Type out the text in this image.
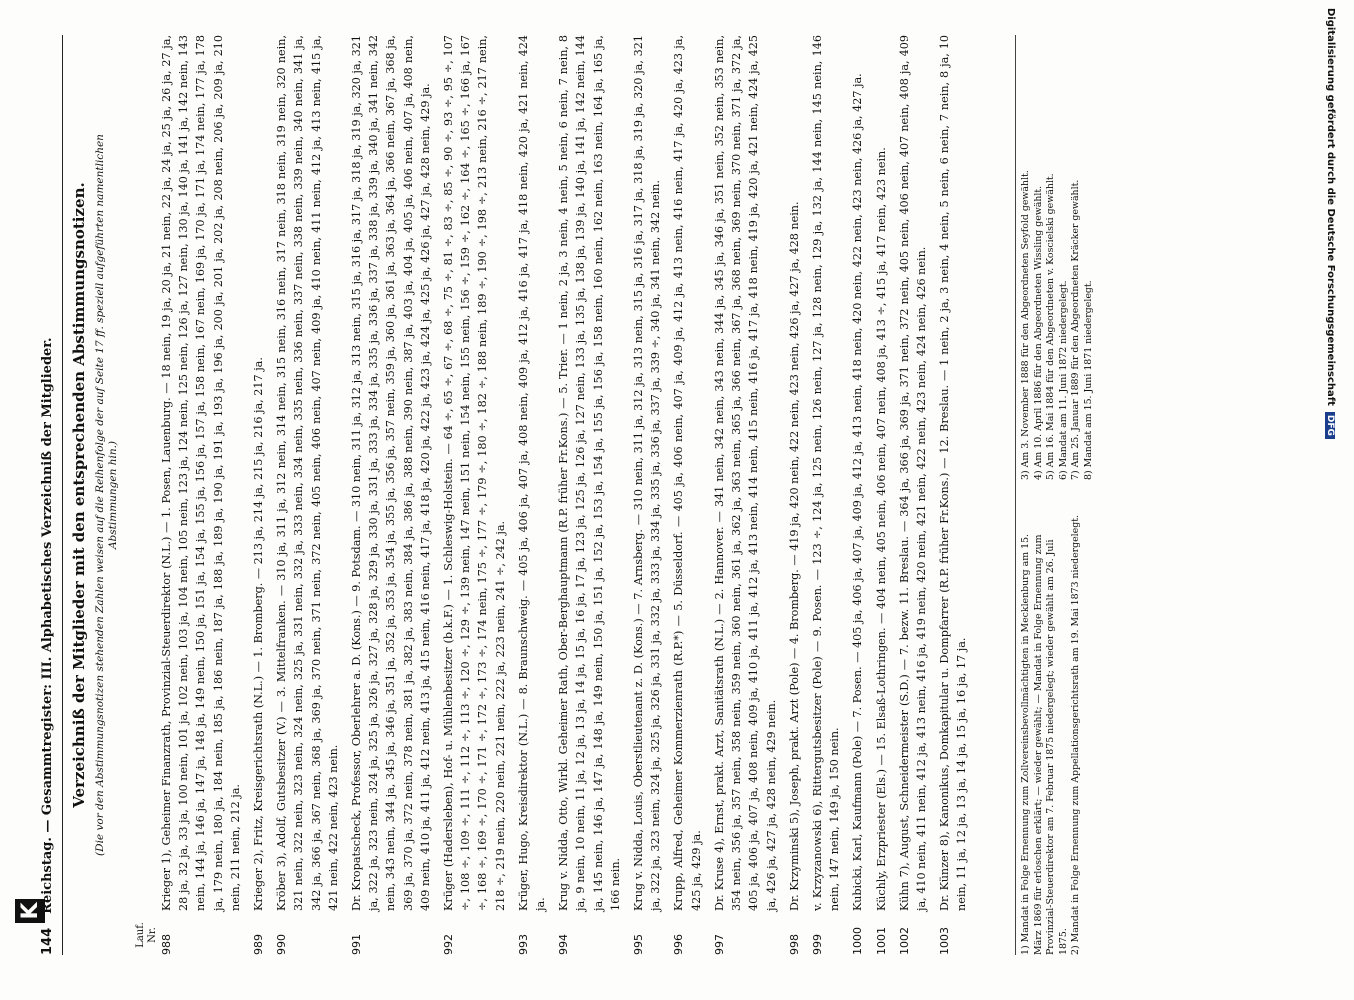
K
144
Reichstag. — Gesammtregister: III. Alphabetisches Verzeichniß der Mitglieder. Verzeichniß der Mitglieder mit den entsprechenden Abstimmungsnotizen. (Die vor den Abstimmungsnotizen stehenden Zahlen weisen auf die Reihenfolge der auf Seite 17 ff. speziell aufgeführten namentlichen Abstimmungen hin.)
Lauf. Nr. 988
Krieger 1), Geheimer Finanzrath, Provinzial-Steuerdirektor (N.L.) — 1. Posen, Lauenburg. — 18 nein, 19 ja, 20 ja, 21 nein, 22 ja, 24 ja, 25 ja, 26 ja, 27 ja, 28 ja, 32 ja, 33 ja, 100 nein, 101 ja, 102 nein, 103 ja, 104 nein, 105 nein, 123 ja, 124 nein, 125 nein, 126 ja, 127 nein, 130 ja, 140 ja, 141 ja, 142 nein, 143 nein, 144 ja, 146 ja, 147 ja, 148 ja, 149 nein, 150 ja, 151 ja, 154 ja, 155 ja, 156 ja, 157 ja, 158 nein, 167 nein, 169 ja, 170 ja, 171 ja, 174 nein, 177 ja, 178 ja, 179 nein, 180 ja, 184 nein, 185 ja, 186 nein, 187 ja, 188 ja, 189 ja, 190 ja, 191 ja, 193 ja, 196 ja, 200 ja, 201 ja, 202 ja, 208 nein, 206 ja, 209 ja, 210 nein, 211 nein, 212 ja.
989
Krieger 2), Fritz, Kreisgerichtsrath (N.L.) — 1. Bromberg. — 213 ja, 214 ja, 215 ja, 216 ja, 217 ja.
990
Kröber 3), Adolf, Gutsbesitzer (V.) — 3. Mittelfranken. — 310 ja, 311 ja, 312 nein, 314 nein, 315 nein, 316 nein, 317 nein, 318 nein, 319 nein, 320 nein, 321 nein, 322 nein, 323 nein, 324 nein, 325 ja, 331 nein, 332 ja, 333 nein, 334 nein, 335 nein, 336 nein, 337 nein, 338 nein, 339 nein, 340 nein, 341 ja, 342 ja, 366 ja, 367 nein, 368 ja, 369 ja, 370 nein, 371 nein, 372 nein, 405 nein, 406 nein, 407 nein, 409 ja, 410 nein, 411 nein, 412 ja, 413 nein, 415 ja, 421 nein, 422 nein, 423 nein.
991
Dr. Kropatscheck, Professor, Oberlehrer a. D. (Kons.) — 9. Potsdam. — 310 nein, 311 ja, 312 ja, 313 nein, 315 ja, 316 ja, 317 ja, 318 ja, 319 ja, 320 ja, 321 ja, 322 ja, 323 nein, 324 ja, 325 ja, 326 ja, 327 ja, 328 ja, 329 ja, 330 ja, 331 ja, 333 ja, 334 ja, 335 ja, 336 ja, 337 ja, 338 ja, 339 ja, 340 ja, 341 nein, 342 nein, 343 nein, 344 ja, 345 ja, 346 ja, 351 ja, 352 ja, 353 ja, 354 ja, 355 ja, 356 ja, 357 nein, 359 ja, 360 ja, 361 ja, 363 ja, 364 ja, 366 nein, 367 ja, 368 ja, 369 ja, 370 ja, 372 nein, 378 nein, 381 ja, 382 ja, 383 nein, 384 ja, 386 ja, 388 nein, 390 nein, 387 ja, 403 ja, 404 ja, 405 ja, 406 nein, 407 ja, 408 nein, 409 nein, 410 ja, 411 ja, 412 nein, 413 ja, 415 nein, 416 nein, 417 ja, 418 ja, 420 ja, 422 ja, 423 ja, 424 ja, 425 ja, 426 ja, 427 ja, 428 nein, 429 ja.
992
Krüger (Hadersleben), Hof- u. Mühlenbesitzer (b.k.F.) — 1. Schleswig-Holstein. — 64 ÷, 65 ÷, 67 ÷, 68 ÷, 75 ÷, 81 ÷, 83 ÷, 85 ÷, 90 ÷, 93 ÷, 95 ÷, 107 ÷, 108 ÷, 109 ÷, 111 ÷, 112 ÷, 113 ÷, 120 ÷, 129 ÷, 139 nein, 147 nein, 151 nein, 154 nein, 155 nein, 156 ÷, 159 ÷, 162 ÷, 164 ÷, 165 ÷, 166 ja, 167 ÷, 168 ÷, 169 ÷, 170 ÷, 171 ÷, 172 ÷, 173 ÷, 174 nein, 175 ÷, 177 ÷, 179 ÷, 180 ÷, 182 ÷, 188 nein, 189 ÷, 190 ÷, 198 ÷, 213 nein, 216 ÷, 217 nein, 218 ÷, 219 nein, 220 nein, 221 nein, 222 ja, 223 nein, 241 ÷, 242 ja.
993
Krüger, Hugo, Kreisdirektor (N.L.) — 8. Braunschweig. — 405 ja, 406 ja, 407 ja, 408 nein, 409 ja, 412 ja, 416 ja, 417 ja, 418 nein, 420 ja, 421 nein, 424 ja.
994
Krug v. Nidda, Otto, Wirkl. Geheimer Rath, Ober-Berghauptmann (R.P. früher Fr.Kons.) — 5. Trier. — 1 nein, 2 ja, 3 nein, 4 nein, 5 nein, 6 nein, 7 nein, 8 ja, 9 nein, 10 nein, 11 ja, 12 ja, 13 ja, 14 ja, 15 ja, 16 ja, 17 ja, 123 ja, 125 ja, 126 ja, 127 nein, 133 ja, 135 ja, 138 ja, 139 ja, 140 ja, 141 ja, 142 nein, 144 ja, 145 nein, 146 ja, 147 ja, 148 ja, 149 nein, 150 ja, 151 ja, 152 ja, 153 ja, 154 ja, 155 ja, 156 ja, 158 nein, 160 nein, 162 nein, 163 nein, 164 ja, 165 ja, 166 nein.
995
Krug v. Nidda, Louis, Oberstlieutenant z. D. (Kons.) — 7. Arnsberg. — 310 nein, 311 ja, 312 ja, 313 nein, 315 ja, 316 ja, 317 ja, 318 ja, 319 ja, 320 ja, 321 ja, 322 ja, 323 nein, 324 ja, 325 ja, 326 ja, 331 ja, 332 ja, 333 ja, 334 ja, 335 ja, 336 ja, 337 ja, 339 ÷, 340 ja, 341 nein, 342 nein.
996
Krupp, Alfred, Geheimer Kommerzienrath (R.P.*) — 5. Düsseldorf. — 405 ja, 406 nein, 407 ja, 409 ja, 412 ja, 413 nein, 416 nein, 417 ja, 420 ja, 423 ja, 425 ja, 429 ja.
997
Dr. Kruse 4), Ernst, prakt. Arzt, Sanitätsrath (N.L.) — 2. Hannover. — 341 nein, 342 nein, 343 nein, 344 ja, 345 ja, 346 ja, 351 nein, 352 nein, 353 nein, 354 nein, 356 ja, 357 nein, 358 nein, 359 nein, 360 nein, 361 ja, 362 ja, 363 nein, 365 ja, 366 nein, 367 ja, 368 nein, 369 nein, 370 nein, 371 ja, 372 ja, 405 ja, 406 ja, 407 ja, 408 nein, 409 ja, 410 ja, 411 ja, 412 ja, 413 nein, 414 nein, 415 nein, 416 ja, 417 ja, 418 nein, 419 ja, 420 ja, 421 nein, 424 ja, 425 ja, 426 ja, 427 ja, 428 nein, 429 nein.
998
Dr. Krzyminski 5), Joseph, prakt. Arzt (Pole) — 4. Bromberg. — 419 ja, 420 nein, 422 nein, 423 nein, 426 ja, 427 ja, 428 nein.
999
v. Krzyzanowski 6), Rittergutsbesitzer (Pole) — 9. Posen. — 123 ÷, 124 ja, 125 nein, 126 nein, 127 ja, 128 nein, 129 ja, 132 ja, 144 nein, 145 nein, 146 nein, 147 nein, 149 ja, 150 nein.
1000
Kubicki, Karl, Kaufmann (Pole) — 7. Posen. — 405 ja, 406 ja, 407 ja, 409 ja, 412 ja, 413 nein, 418 nein, 420 nein, 422 nein, 423 nein, 426 ja, 427 ja.
1001
Küchly, Erzpriester (Els.) — 15. Elsaß-Lothringen. — 404 nein, 405 nein, 406 nein, 407 nein, 408 ja, 413 ÷, 415 ja, 417 nein, 423 nein.
1002
Kühn 7), August, Schneidermeister (S.D.) — 7. bezw. 11. Breslau. — 364 ja, 366 ja, 369 ja, 371 nein, 372 nein, 405 nein, 406 nein, 407 nein, 408 ja, 409 ja, 410 nein, 411 nein, 412 ja, 413 nein, 416 ja, 419 nein, 420 nein, 421 nein, 422 nein, 423 nein, 424 nein, 426 nein.
1003
Dr. Künzer 8), Kanonikus, Domkapitular u. Dompfarrer (R.P. früher Fr.Kons.) — 12. Breslau. — 1 nein, 2 ja, 3 nein, 4 nein, 5 nein, 6 nein, 7 nein, 8 ja, 10 nein, 11 ja, 12 ja, 13 ja, 14 ja, 15 ja, 16 ja, 17 ja.	1) Mandat in Folge Ernennung zum Zollvereinsbevollmächtigten in Mecklenburg am 15. März 1869 für erloschen erklärt; — wieder gewählt; — Mandat in Folge Ernennung zum Provinzial-Steuerdirektor am 7. Februar 1875 niedergelegt; wieder gewählt am 26. Juli 1875. 2) Mandat in Folge Ernennung zum Appellationsgerichtsrath am 19. Mai 1873 niedergelegt.
3) Am 3. November 1888 für den Abgeordneten Seyfold gewählt. 4) Am 10. April 1886 für den Abgeordneten Wissling gewählt. 5) Am 16. Mai 1884 für den Abgeordneten v. Koscielski gewählt. 6) Mandat am 11. Juni 1872 niedergelegt. 7) Am 25. Januar 1889 für den Abgeordneten Kräcker gewählt. 8) Mandat am 15. Juni 1871 niedergelegt.	Digitalisierung gefördert durch die Deutsche Forschungsgemeinschaft
DFG
